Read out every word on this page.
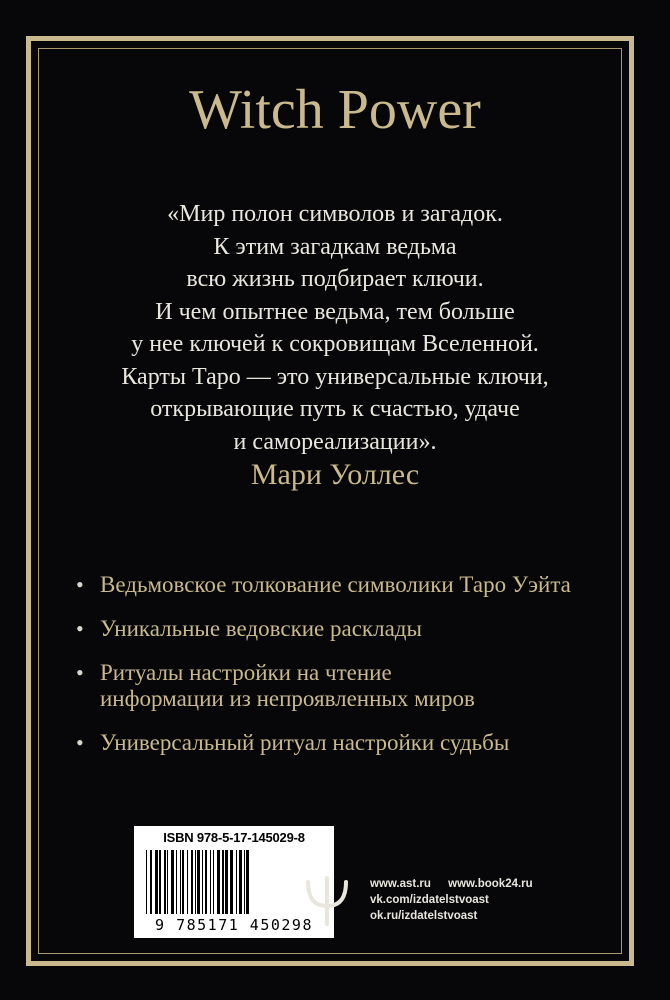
Witch Power
«Мир полон символов и загадок.
К этим загадкам ведьма
всю жизнь подбирает ключи.
И чем опытнее ведьма, тем больше
у нее ключей к сокровищам Вселенной.
Карты Таро — это универсальные ключи,
открывающие путь к счастью, удаче
и самореализации».
Мари Уоллес
• Ведьмовское толкование символики Таро Уэйта
• Уникальные ведовские расклады
• Ритуалы настройки на чтение
информации из непроявленных миров
• Универсальный ритуал настройки судьбы
ISBN 978-5-17-145029-8
9 785171 450298
www.ast.ru www.book24.ru
vk.com/izdatelstvoast
ok.ru/izdatelstvoast
